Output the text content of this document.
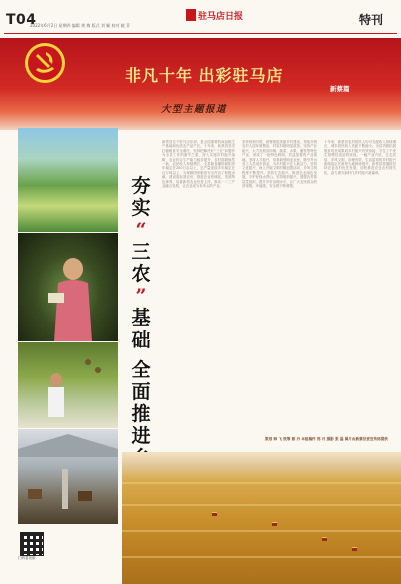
T04
2022年6月2日 星期四 编辑 黄 梅 版式 刘 颖 校对 姚 菲
驻马店日报	特刊
非凡十年 出彩驻马店
新蔡篇
大型主题报道
扫码看视频
夯
实
“
三
农
”
基
础

全
面
推
进
新蔡县位于驻马店东部，是全国重要的商品粮生产基地和优质农产品产区。十年来，新蔡县坚决扛稳粮食安全重任，坚持把解决好“三农”问题作为全县工作的重中之重，深入实施乡村振兴战略，农业综合生产能力稳步提升，农村面貌焕然一新，农民收入持续增长。全县粮食播种面积常年稳定在200万亩以上，总产量连续多年稳定在百万吨以上，为保障国家粮食安全作出了积极贡献。建设高标准农田，推进农业机械化，发展特色种养，培育新型农业经营主体，推动一二三产业融合发展，让农业成为有奔头的产业。
坚持规划引领，统筹推进美丽乡村建设，持续开展农村人居环境整治，村容村貌明显改善。坚持产业振兴，大力发展食用菌、蔬菜、水果、畜牧等特色产业，形成了一批特色鲜明、效益显著的产业基地。坚持人才振兴，培育新型职业农民，吸引外出务工人员返乡创业，为乡村振兴注入新活力。坚持文化振兴，深入开展文明村镇创建活动，乡风文明程度不断提升。坚持生态振兴，推进农业绿色发展，守护好绿水青山。坚持组织振兴，建强农村基层党组织，提升乡村治理水平，让广大农民群众的获得感、幸福感、安全感不断增强。
十年来，新蔡县农村居民人均可支配收入持续增长，城乡居民收入差距不断缩小。全县巩固拓展脱贫攻坚成果同乡村振兴有效衔接，守住了不发生规模性返贫的底线。一幅产业兴旺、生态宜居、乡风文明、治理有效、生活富裕的乡村振兴新画卷正在新蔡大地徐徐展开。新蔡县将继续坚持农业农村优先发展，加快推进农业农村现代化，奋力谱写新时代乡村振兴新篇章。
策划 韩 飞 统筹 蔡 丹 本组稿件 郑 丹 摄影 张 磊 图片由新蔡县委宣传部提供
